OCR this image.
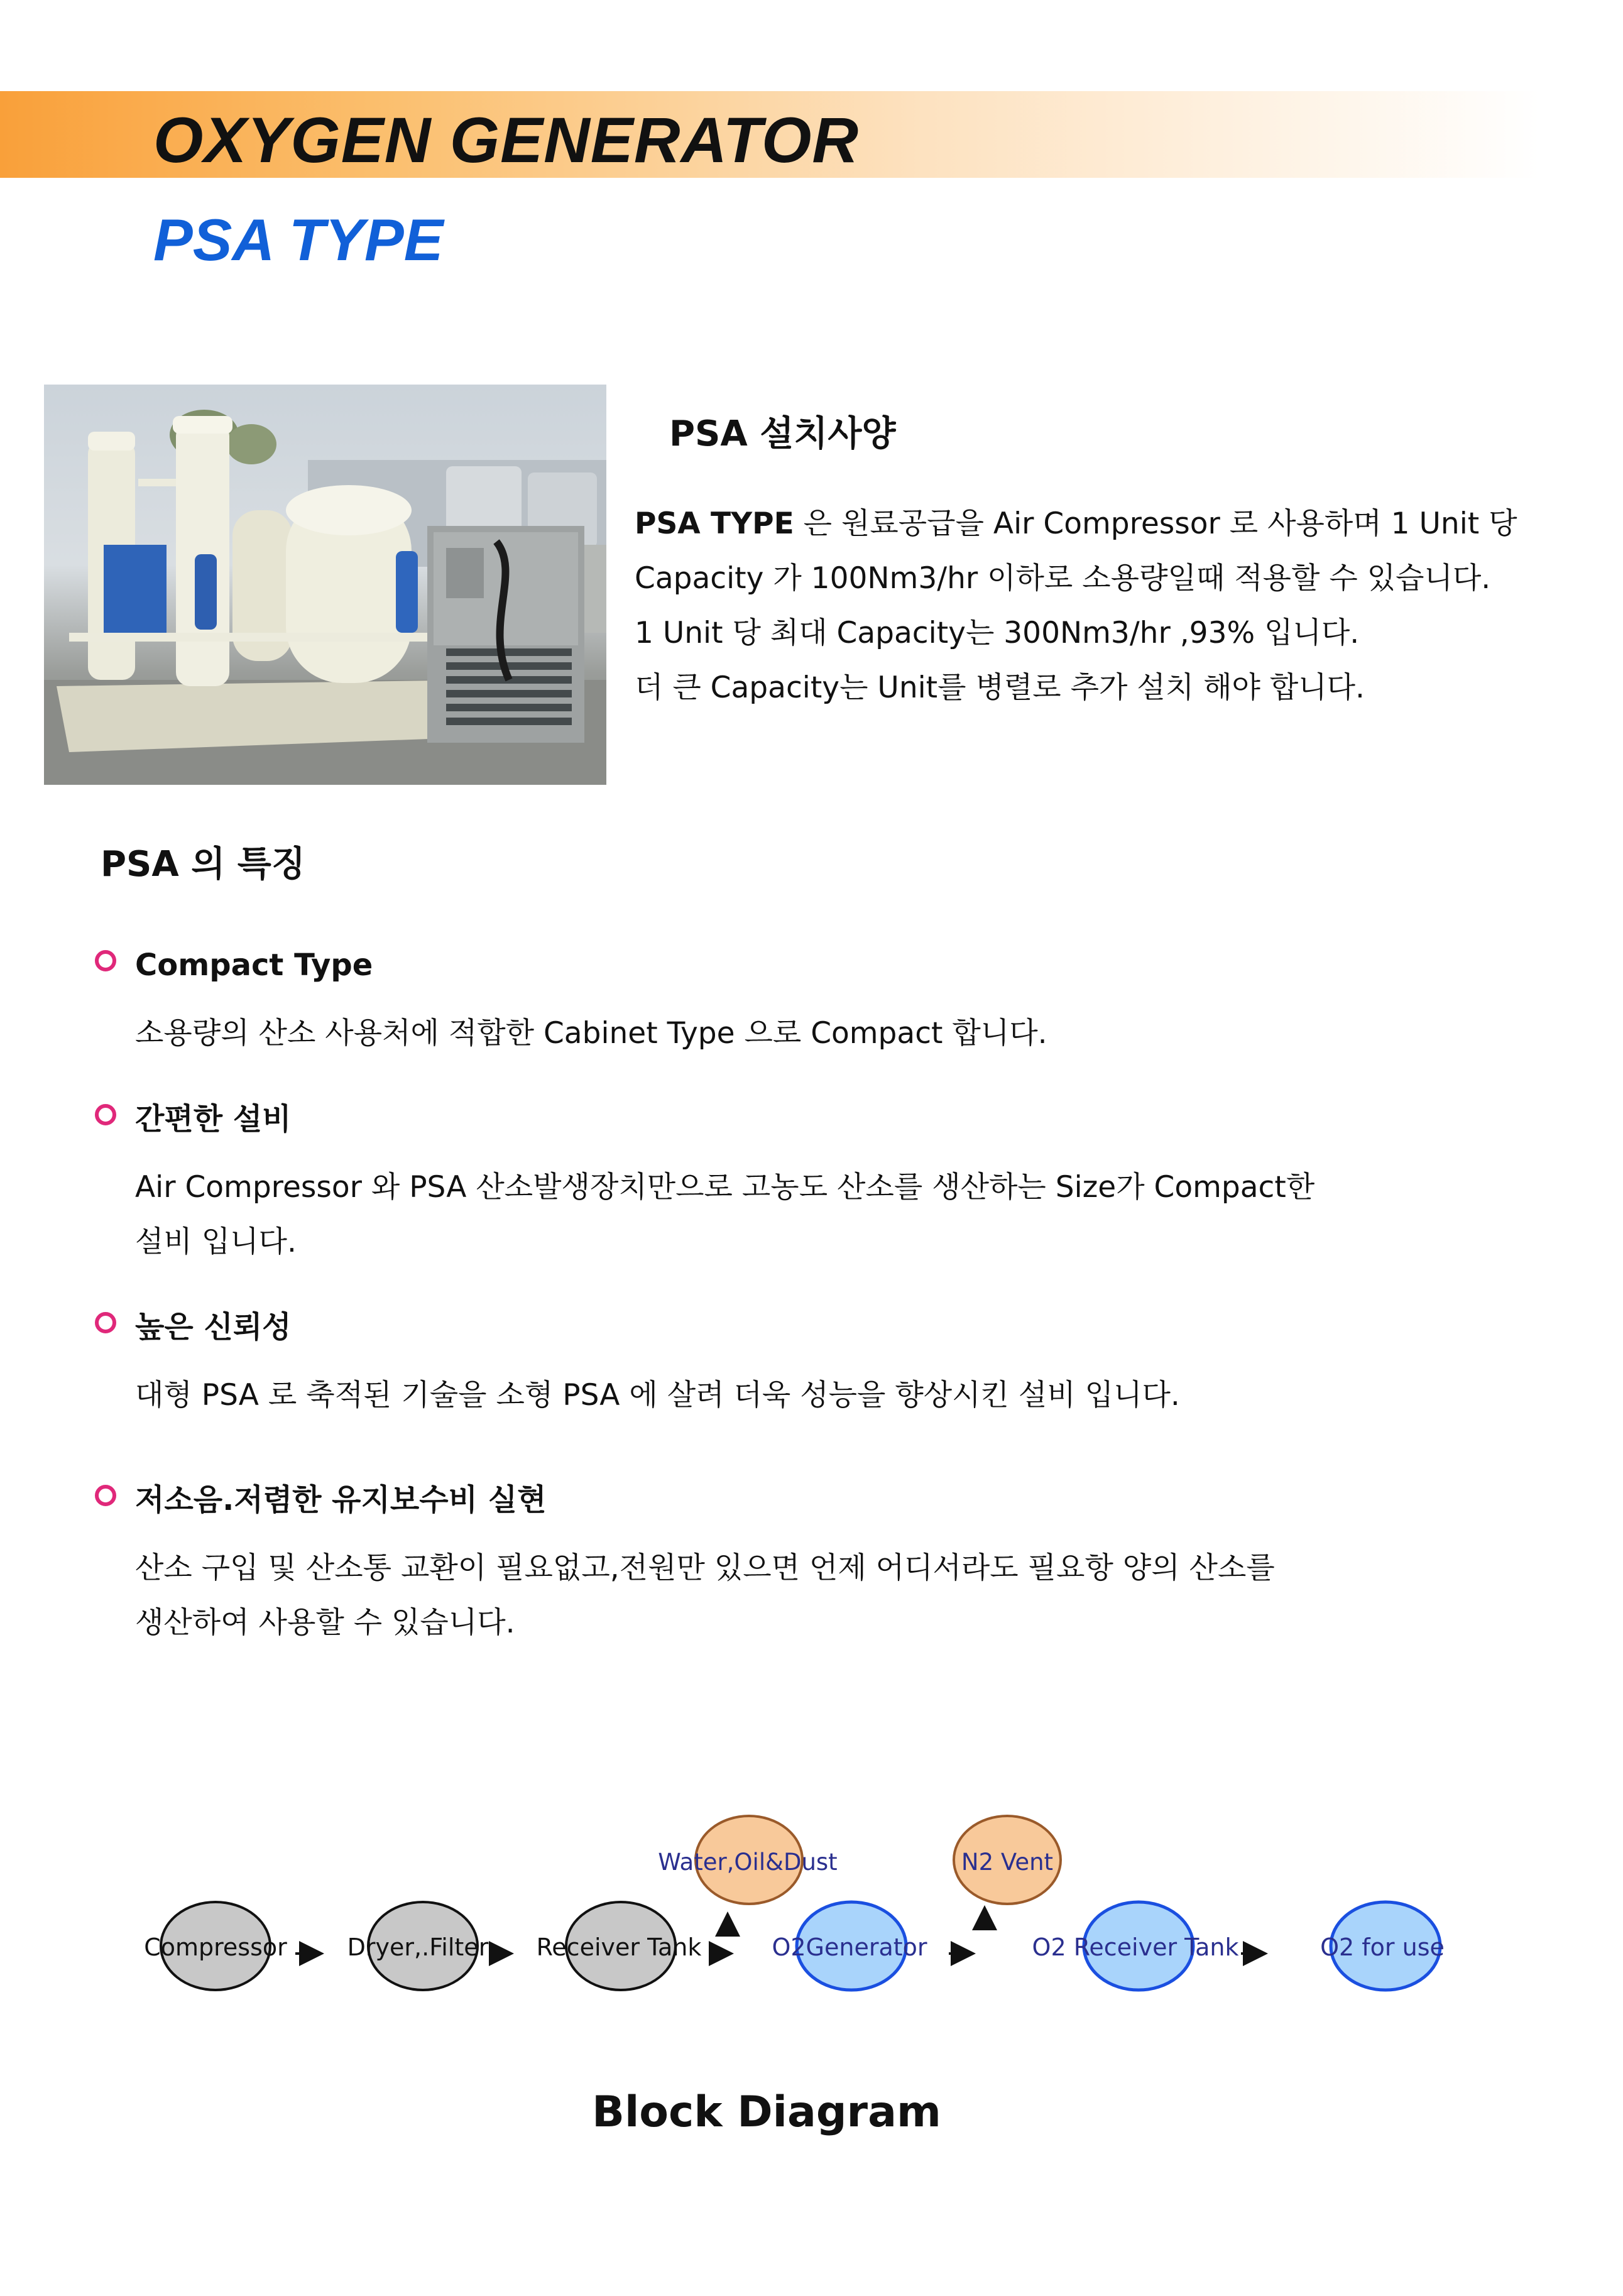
OXYGEN GENERATOR
PSA TYPE
PSA 설치사양

PSA TYPE 은 원료공급을 Air Compressor 로 사용하며 1 Unit 당

Capacity 가 100Nm3/hr 이하로 소용량일때 적용할 수 있습니다.

1 Unit 당 최대 Capacity는 300Nm3/hr ,93% 입니다.

더 큰 Capacity는 Unit를 병렬로 추가 설치 해야 합니다.

PSA 의 특징

Compact Type

소용량의 산소 사용처에 적합한 Cabinet Type 으로 Compact 합니다.

간편한 설비

Air Compressor 와 PSA 산소발생장치만으로 고농도 산소를 생산하는 Size가 Compact한

설비 입니다.

높은 신뢰성

대형 PSA 로 축적된 기술을 소형 PSA 에 살려 더욱 성능을 향상시킨 설비 입니다.

저소음.저렴한 유지보수비 실현

산소 구입 및 산소통 교환이 필요없고,전원만 있으면 언제 어디서라도 필요항 양의 산소를

생산하여 사용할 수 있습니다.

Compressor	Dryer,.Filter Receiver Tank	O2Generator	O2 Receiver Tank	O2 for use
Water,Oil&Dust	N2 Vent
Block Diagram
